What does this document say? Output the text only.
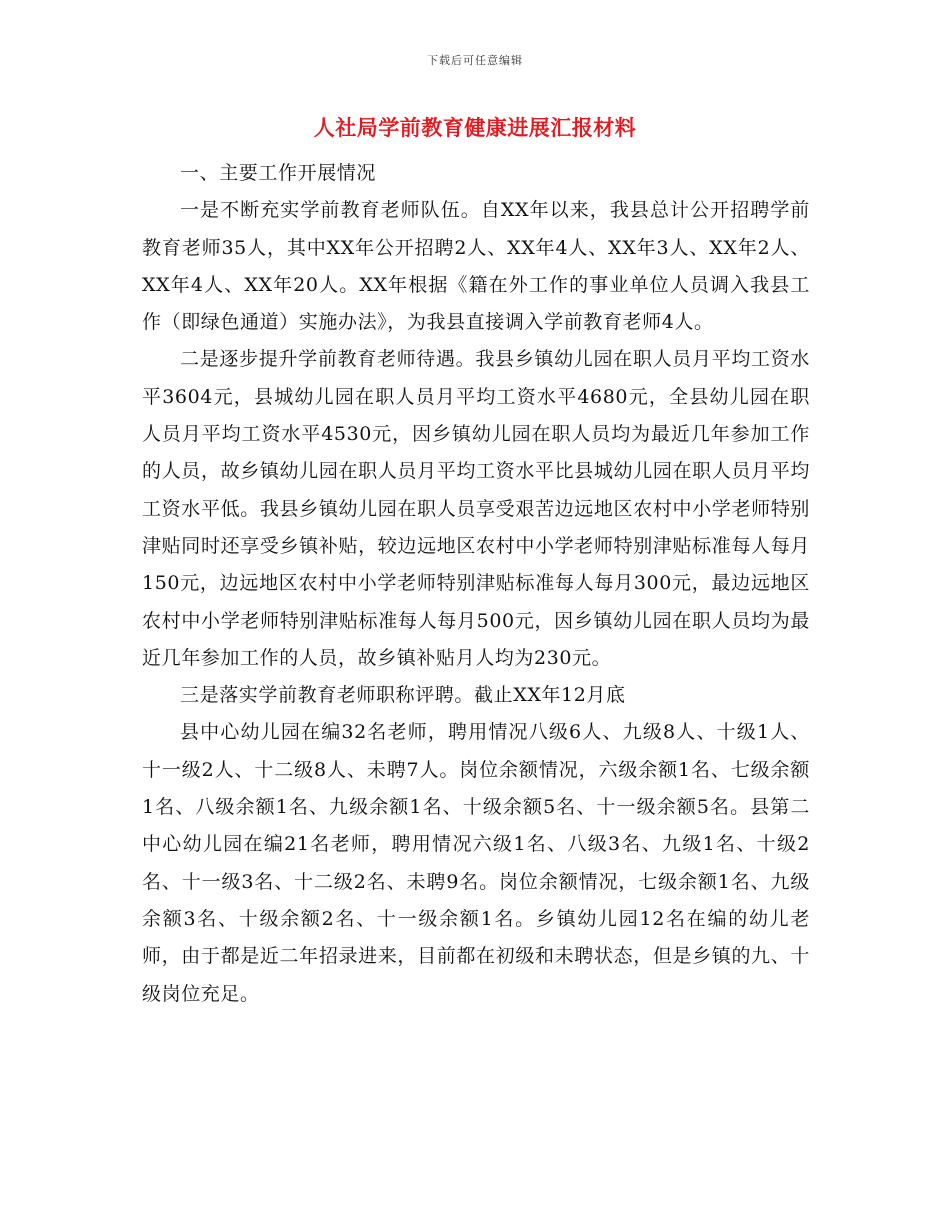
下载后可任意编辑
人社局学前教育健康进展汇报材料

一、主要工作开展情况

一是不断充实学前教育老师队伍。自XX年以来，我县总计公开招聘学前教育老师35人，其中XX年公开招聘2人、XX年4人、XX年3人、XX年2人、XX年4人、XX年20人。XX年根据《籍在外工作的事业单位人员调入我县工作（即绿色通道）实施办法》，为我县直接调入学前教育老师4人。

二是逐步提升学前教育老师待遇。我县乡镇幼儿园在职人员月平均工资水平3604元，县城幼儿园在职人员月平均工资水平4680元，全县幼儿园在职人员月平均工资水平4530元，因乡镇幼儿园在职人员均为最近几年参加工作的人员，故乡镇幼儿园在职人员月平均工资水平比县城幼儿园在职人员月平均工资水平低。我县乡镇幼儿园在职人员享受艰苦边远地区农村中小学老师特别津贴同时还享受乡镇补贴，较边远地区农村中小学老师特别津贴标准每人每月150元，边远地区农村中小学老师特别津贴标准每人每月300元，最边远地区农村中小学老师特别津贴标准每人每月500元，因乡镇幼儿园在职人员均为最近几年参加工作的人员，故乡镇补贴月人均为230元。

三是落实学前教育老师职称评聘。截止XX年12月底

县中心幼儿园在编32名老师，聘用情况八级6人、九级8人、十级1人、十一级2人、十二级8人、未聘7人。岗位余额情况，六级余额1名、七级余额1名、八级余额1名、九级余额1名、十级余额5名、十一级余额5名。县第二中心幼儿园在编21名老师，聘用情况六级1名、八级3名、九级1名、十级2名、十一级3名、十二级2名、未聘9名。岗位余额情况，七级余额1名、九级余额3名、十级余额2名、十一级余额1名。乡镇幼儿园12名在编的幼儿老师，由于都是近二年招录进来，目前都在初级和未聘状态，但是乡镇的九、十级岗位充足。
